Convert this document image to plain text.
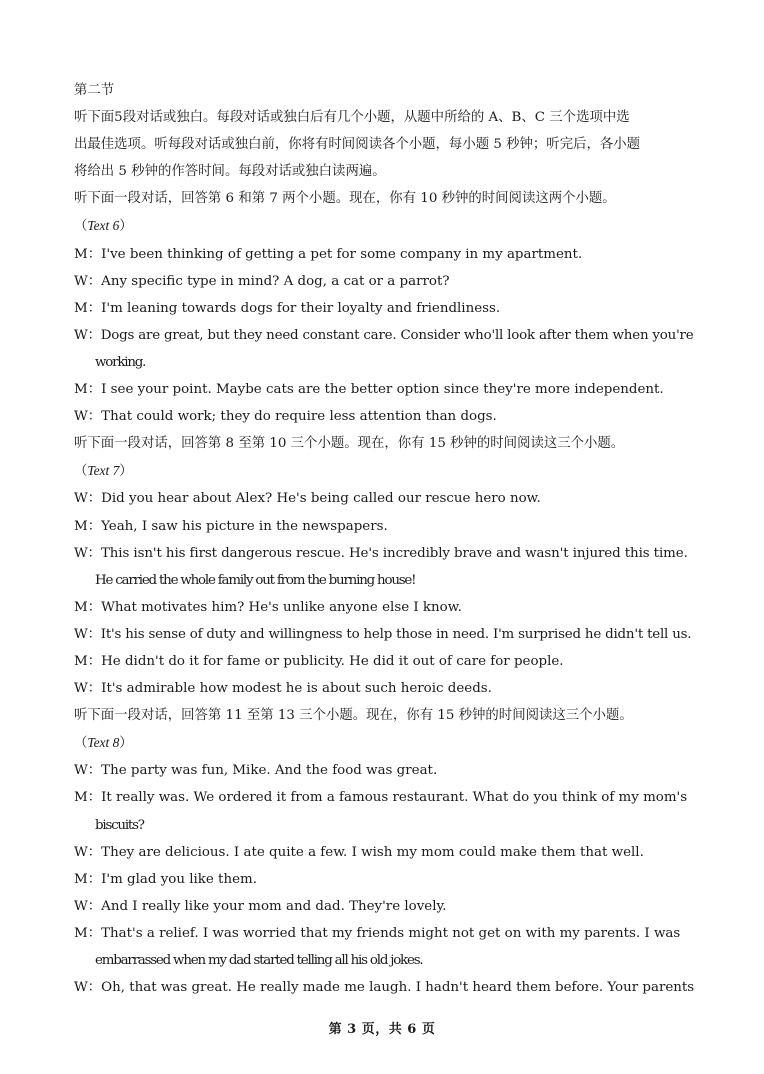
第二节
听下面5段对话或独白。每段对话或独白后有几个小题，从题中所给的 A、B、C 三个选项中选
出最佳选项。听每段对话或独白前，你将有时间阅读各个小题，每小题 5 秒钟；听完后，各小题
将给出 5 秒钟的作答时间。每段对话或独白读两遍。
听下面一段对话，回答第 6 和第 7 两个小题。现在，你有 10 秒钟的时间阅读这两个小题。
（Text 6）
M：I've been thinking of getting a pet for some company in my apartment.
W：Any specific type in mind? A dog, a cat or a parrot?
M：I'm leaning towards dogs for their loyalty and friendliness.
W：Dogs are great, but they need constant care. Consider who'll look after them when you're
working.
M：I see your point. Maybe cats are the better option since they're more independent.
W：That could work; they do require less attention than dogs.
听下面一段对话，回答第 8 至第 10 三个小题。现在，你有 15 秒钟的时间阅读这三个小题。
（Text 7）
W：Did you hear about Alex? He's being called our rescue hero now.
M：Yeah, I saw his picture in the newspapers.
W：This isn't his first dangerous rescue. He's incredibly brave and wasn't injured this time.
He carried the whole family out from the burning house!
M：What motivates him? He's unlike anyone else I know.
W：It's his sense of duty and willingness to help those in need. I'm surprised he didn't tell us.
M：He didn't do it for fame or publicity. He did it out of care for people.
W：It's admirable how modest he is about such heroic deeds.
听下面一段对话，回答第 11 至第 13 三个小题。现在，你有 15 秒钟的时间阅读这三个小题。
（Text 8）
W：The party was fun, Mike. And the food was great.
M：It really was. We ordered it from a famous restaurant. What do you think of my mom's
biscuits?
W：They are delicious. I ate quite a few. I wish my mom could make them that well.
M：I'm glad you like them.
W：And I really like your mom and dad. They're lovely.
M：That's a relief. I was worried that my friends might not get on with my parents. I was
embarrassed when my dad started telling all his old jokes.
W：Oh, that was great. He really made me laugh. I hadn't heard them before. Your parents
第 3 页，共 6 页
